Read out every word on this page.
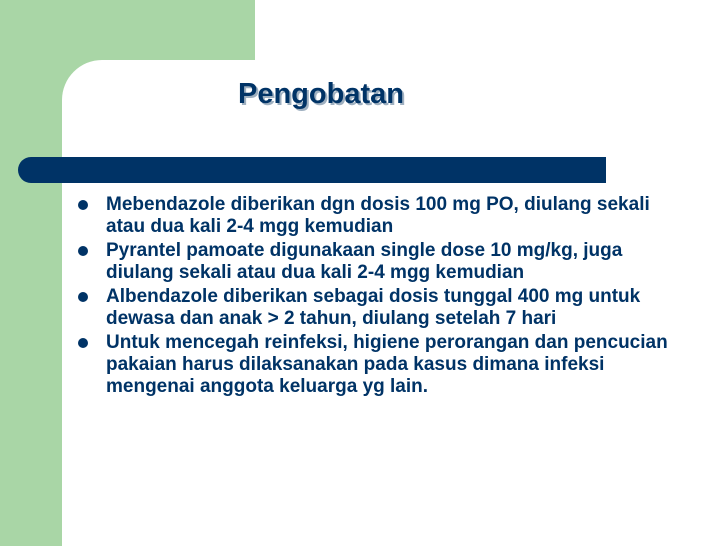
Pengobatan
Mebendazole diberikan dgn dosis 100 mg PO, diulang sekali atau dua kali 2-4 mgg kemudian
Pyrantel pamoate digunakaan single dose 10 mg/kg, juga diulang sekali atau dua kali 2-4 mgg kemudian
Albendazole diberikan sebagai dosis tunggal 400 mg untuk dewasa dan anak > 2 tahun, diulang setelah 7 hari
Untuk mencegah reinfeksi, higiene perorangan dan pencucian pakaian harus dilaksanakan pada kasus dimana infeksi mengenai anggota keluarga yg lain.
